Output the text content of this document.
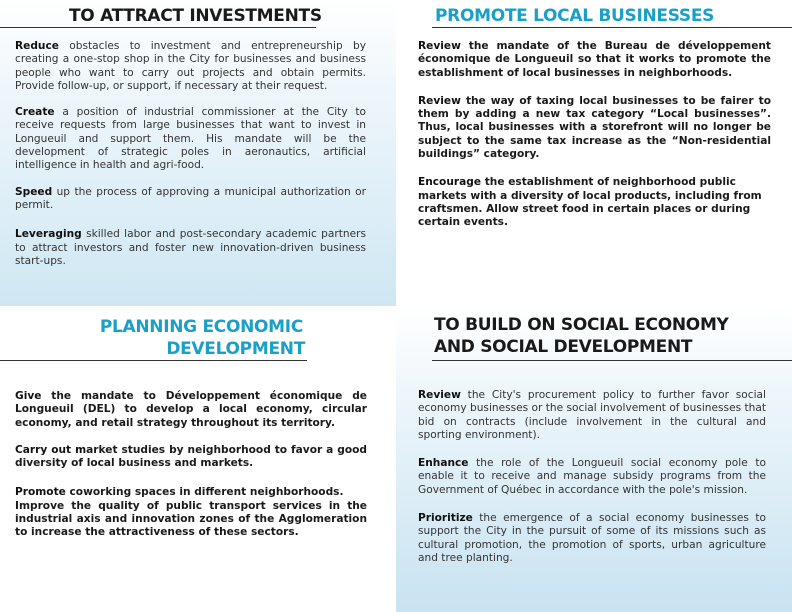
TO ATTRACT INVESTMENTS

Reduce obstacles to investment and entrepreneurship by creating a one-stop shop in the City for businesses and business people who want to carry out projects and obtain permits. Provide follow-up, or support, if necessary at their request.

Create a position of industrial commissioner at the City to receive requests from large businesses that want to invest in Longueuil and support them. His mandate will be the development of strategic poles in aeronautics, artificial intelligence in health and agri-food.

Speed up the process of approving a municipal authorization or permit.

Leveraging skilled labor and post-secondary academic partners to attract investors and foster new innovation-driven business start-ups.

PROMOTE LOCAL BUSINESSES

Review the mandate of the Bureau de développement économique de Longueuil so that it works to promote the establishment of local businesses in neighborhoods.

Review the way of taxing local businesses to be fairer to them by adding a new tax category “Local businesses”. Thus, local businesses with a storefront will no longer be subject to the same tax increase as the “Non-residential buildings” category.

Encourage the establishment of neighborhood public markets with a diversity of local products, including from craftsmen. Allow street food in certain places or during certain events.

PLANNING ECONOMIC
DEVELOPMENT

Give the mandate to Développement économique de Longueuil (DEL) to develop a local economy, circular economy, and retail strategy throughout its territory.

Carry out market studies by neighborhood to favor a good diversity of local business and markets.

Promote coworking spaces in different neighborhoods.
Improve the quality of public transport services in the industrial axis and innovation zones of the Agglomeration to increase the attractiveness of these sectors.

TO BUILD ON SOCIAL ECONOMY
AND SOCIAL DEVELOPMENT

Review the City's procurement policy to further favor social economy businesses or the social involvement of businesses that bid on contracts (include involvement in the cultural and sporting environment).

Enhance the role of the Longueuil social economy pole to enable it to receive and manage subsidy programs from the Government of Québec in accordance with the pole's mission.

Prioritize the emergence of a social economy businesses to support the City in the pursuit of some of its missions such as cultural promotion, the promotion of sports, urban agriculture and tree planting.
